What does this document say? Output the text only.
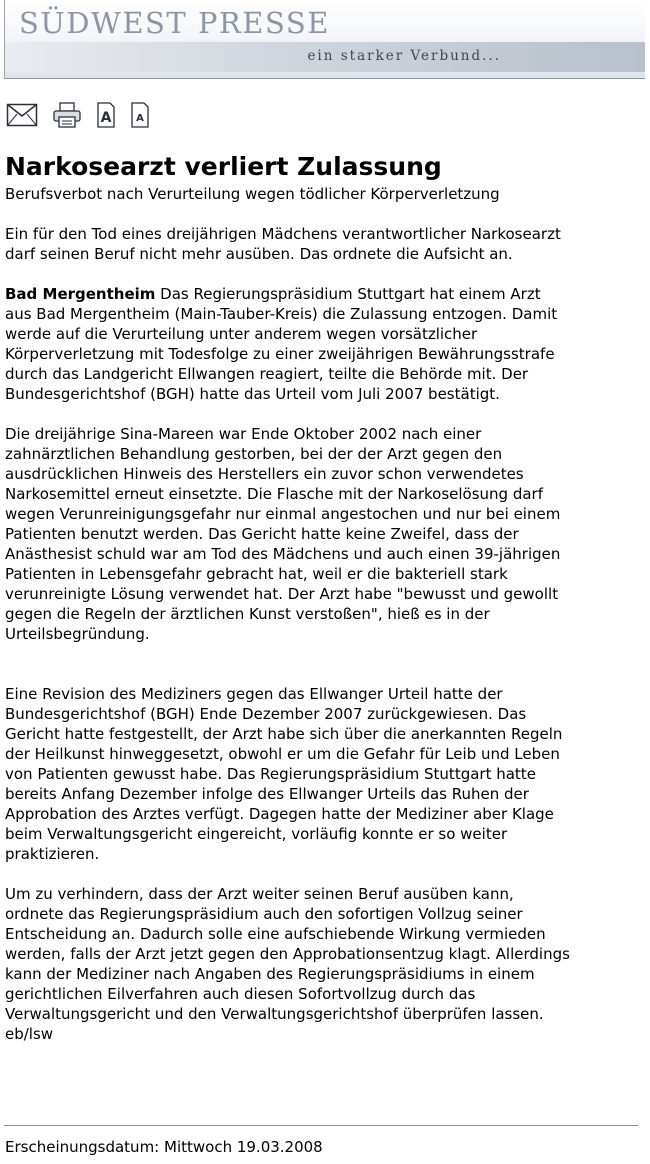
SÜDWEST PRESSE
ein starker Verbund...
A A
Narkosearzt verliert Zulassung

Berufsverbot nach Verurteilung wegen tödlicher Körperverletzung

Ein für den Tod eines dreijährigen Mädchens verantwortlicher Narkosearzt
darf seinen Beruf nicht mehr ausüben. Das ordnete die Aufsicht an.
Bad Mergentheim Das Regierungspräsidium Stuttgart hat einem Arzt
aus Bad Mergentheim (Main-Tauber-Kreis) die Zulassung entzogen. Damit
werde auf die Verurteilung unter anderem wegen vorsätzlicher
Körperverletzung mit Todesfolge zu einer zweijährigen Bewährungsstrafe
durch das Landgericht Ellwangen reagiert, teilte die Behörde mit. Der
Bundesgerichtshof (BGH) hatte das Urteil vom Juli 2007 bestätigt.
Die dreijährige Sina-Mareen war Ende Oktober 2002 nach einer
zahnärztlichen Behandlung gestorben, bei der der Arzt gegen den
ausdrücklichen Hinweis des Herstellers ein zuvor schon verwendetes
Narkosemittel erneut einsetzte. Die Flasche mit der Narkoselösung darf
wegen Verunreinigungsgefahr nur einmal angestochen und nur bei einem
Patienten benutzt werden. Das Gericht hatte keine Zweifel, dass der
Anästhesist schuld war am Tod des Mädchens und auch einen 39-jährigen
Patienten in Lebensgefahr gebracht hat, weil er die bakteriell stark
verunreinigte Lösung verwendet hat. Der Arzt habe "bewusst und gewollt
gegen die Regeln der ärztlichen Kunst verstoßen", hieß es in der
Urteilsbegründung.
Eine Revision des Mediziners gegen das Ellwanger Urteil hatte der
Bundesgerichtshof (BGH) Ende Dezember 2007 zurückgewiesen. Das
Gericht hatte festgestellt, der Arzt habe sich über die anerkannten Regeln
der Heilkunst hinweggesetzt, obwohl er um die Gefahr für Leib und Leben
von Patienten gewusst habe. Das Regierungspräsidium Stuttgart hatte
bereits Anfang Dezember infolge des Ellwanger Urteils das Ruhen der
Approbation des Arztes verfügt. Dagegen hatte der Mediziner aber Klage
beim Verwaltungsgericht eingereicht, vorläufig konnte er so weiter
praktizieren.
Um zu verhindern, dass der Arzt weiter seinen Beruf ausüben kann,
ordnete das Regierungspräsidium auch den sofortigen Vollzug seiner
Entscheidung an. Dadurch solle eine aufschiebende Wirkung vermieden
werden, falls der Arzt jetzt gegen den Approbationsentzug klagt. Allerdings
kann der Mediziner nach Angaben des Regierungspräsidiums in einem
gerichtlichen Eilverfahren auch diesen Sofortvollzug durch das
Verwaltungsgericht und den Verwaltungsgerichtshof überprüfen lassen.
eb/lsw
Erscheinungsdatum: Mittwoch 19.03.2008
